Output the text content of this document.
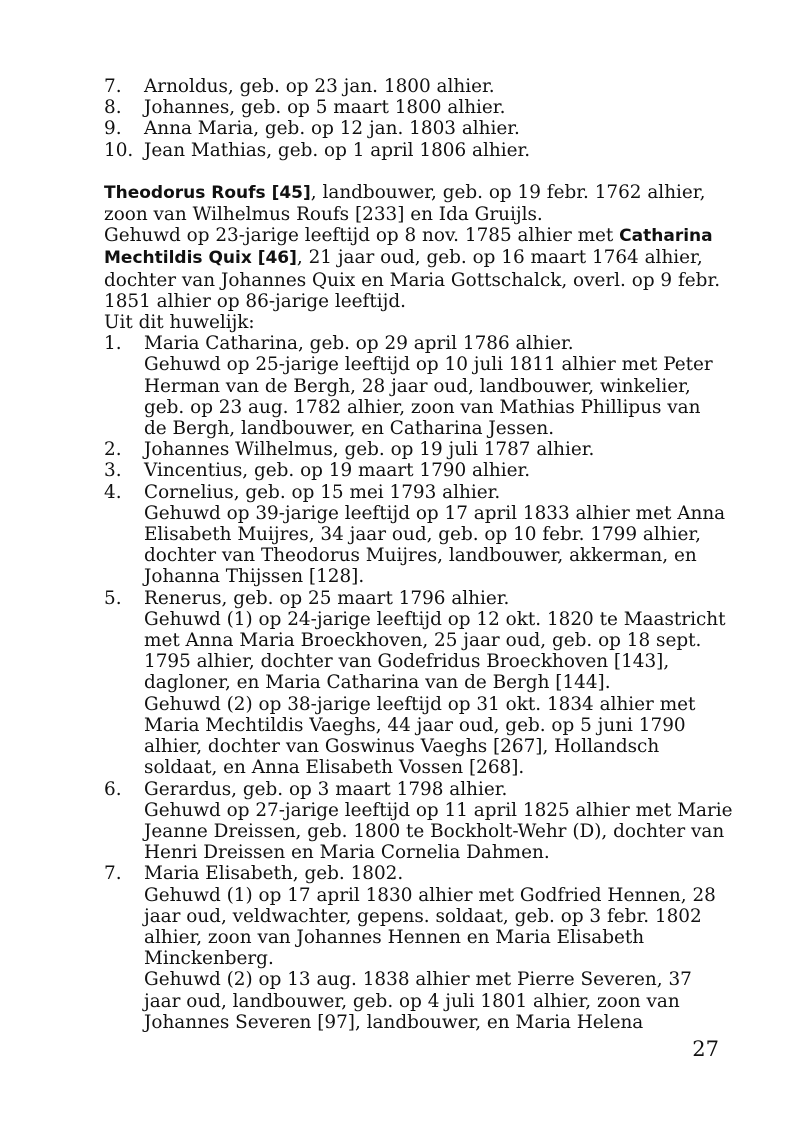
7.	Arnoldus, geb. op 23 jan. 1800 alhier.
8.	Johannes, geb. op 5 maart 1800 alhier.
9.	Anna Maria, geb. op 12 jan. 1803 alhier.
10. Jean Mathias, geb. op 1 april 1806 alhier.
Theodorus Roufs [45], landbouwer, geb. op 19 febr. 1762 alhier,
zoon van Wilhelmus Roufs [233] en Ida Gruijls.
Gehuwd op 23-jarige leeftijd op 8 nov. 1785 alhier met Catharina
Mechtildis Quix [46], 21 jaar oud, geb. op 16 maart 1764 alhier,
dochter van Johannes Quix en Maria Gottschalck, overl. op 9 febr.
1851 alhier op 86-jarige leeftijd.
Uit dit huwelijk:
1.	Maria Catharina, geb. op 29 april 1786 alhier.
Gehuwd op 25-jarige leeftijd op 10 juli 1811 alhier met Peter
Herman van de Bergh, 28 jaar oud, landbouwer, winkelier,
geb. op 23 aug. 1782 alhier, zoon van Mathias Phillipus van
de Bergh, landbouwer, en Catharina Jessen.
2.	Johannes Wilhelmus, geb. op 19 juli 1787 alhier.
3.	Vincentius, geb. op 19 maart 1790 alhier.
4.	Cornelius, geb. op 15 mei 1793 alhier.
Gehuwd op 39-jarige leeftijd op 17 april 1833 alhier met Anna
Elisabeth Muijres, 34 jaar oud, geb. op 10 febr. 1799 alhier,
dochter van Theodorus Muijres, landbouwer, akkerman, en
Johanna Thijssen [128].
5.	Renerus, geb. op 25 maart 1796 alhier.
Gehuwd (1) op 24-jarige leeftijd op 12 okt. 1820 te Maastricht
met Anna Maria Broeckhoven, 25 jaar oud, geb. op 18 sept.
1795 alhier, dochter van Godefridus Broeckhoven [143],
dagloner, en Maria Catharina van de Bergh [144].
Gehuwd (2) op 38-jarige leeftijd op 31 okt. 1834 alhier met
Maria Mechtildis Vaeghs, 44 jaar oud, geb. op 5 juni 1790
alhier, dochter van Goswinus Vaeghs [267], Hollandsch
soldaat, en Anna Elisabeth Vossen [268].
6.	Gerardus, geb. op 3 maart 1798 alhier.
Gehuwd op 27-jarige leeftijd op 11 april 1825 alhier met Marie
Jeanne Dreissen, geb. 1800 te Bockholt-Wehr (D), dochter van
Henri Dreissen en Maria Cornelia Dahmen.
7.	Maria Elisabeth, geb. 1802.
Gehuwd (1) op 17 april 1830 alhier met Godfried Hennen, 28
jaar oud, veldwachter, gepens. soldaat, geb. op 3 febr. 1802
alhier, zoon van Johannes Hennen en Maria Elisabeth
Minckenberg.
Gehuwd (2) op 13 aug. 1838 alhier met Pierre Severen, 37
jaar oud, landbouwer, geb. op 4 juli 1801 alhier, zoon van
Johannes Severen [97], landbouwer, en Maria Helena
27
